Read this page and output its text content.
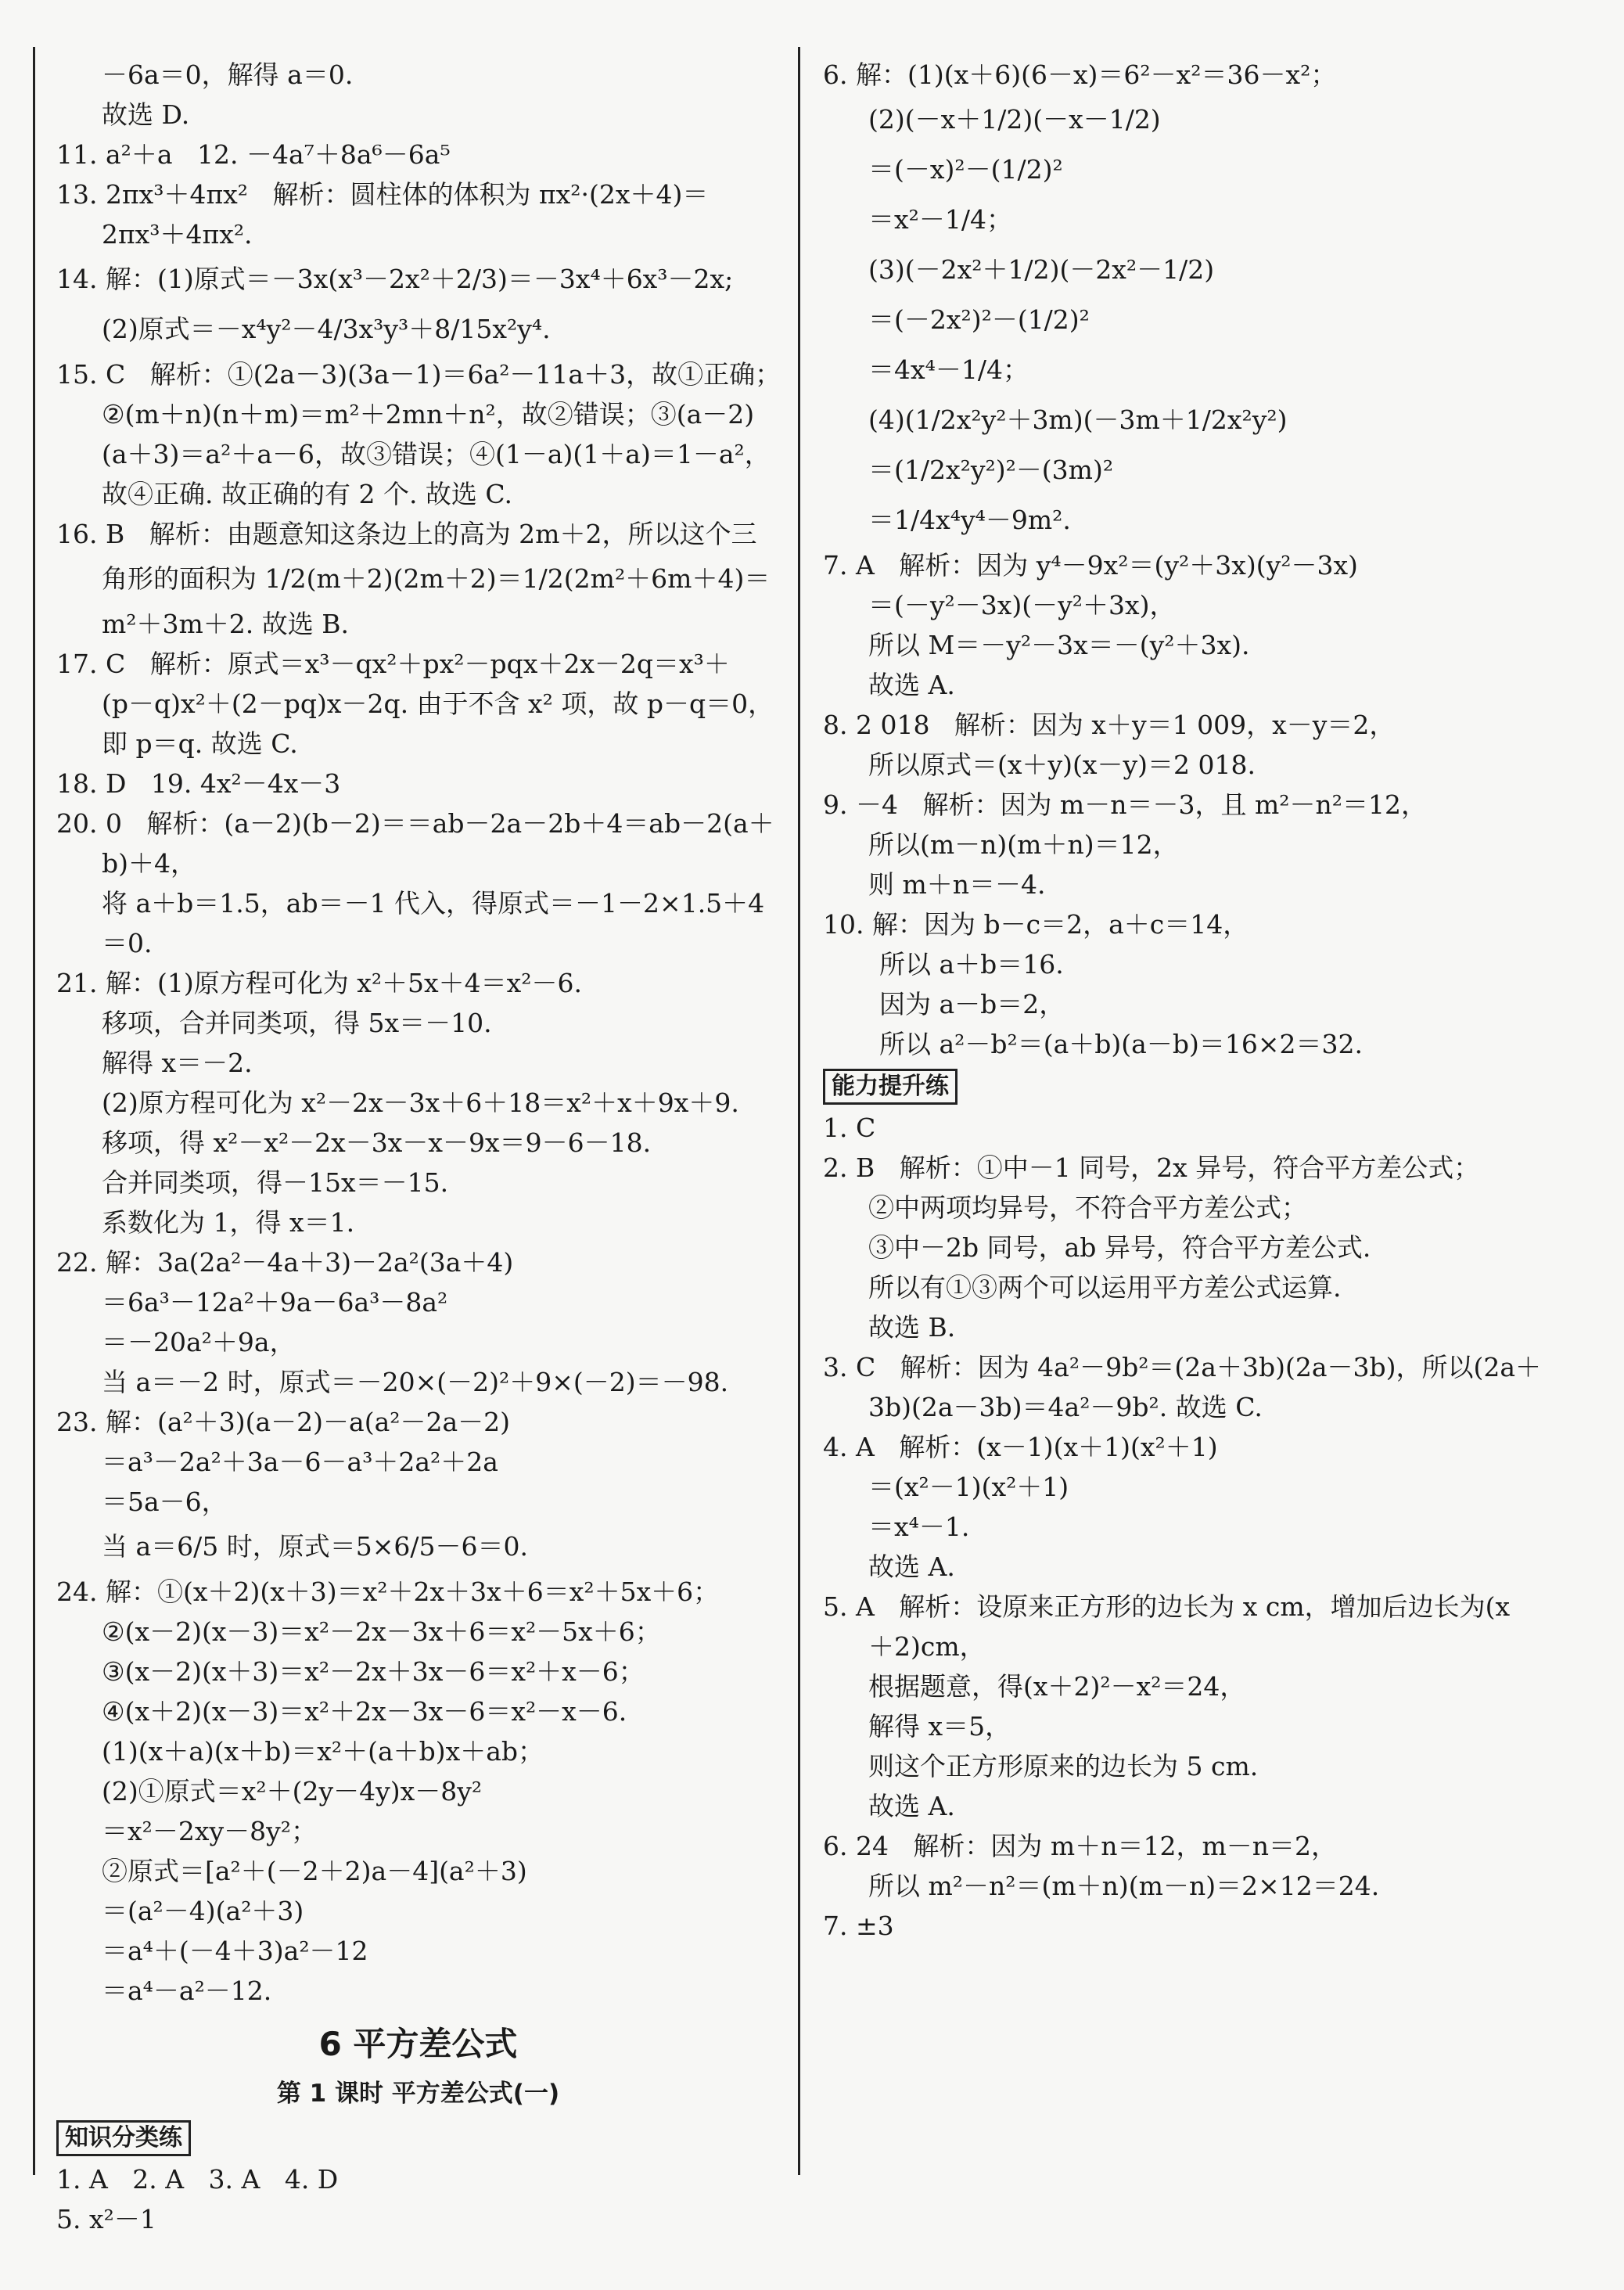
－6a＝0，解得 a＝0.
故选 D.
11. a²＋a   12. －4a⁷＋8a⁶－6a⁵
13. 2πx³＋4πx²   解析：圆柱体的体积为 πx²·(2x＋4)＝
2πx³＋4πx².
14. 解：(1)原式＝－3x(x³－2x²＋2/3)＝－3x⁴＋6x³－2x;
(2)原式＝－x⁴y²－4/3x³y³＋8/15x²y⁴.
15. C   解析：①(2a－3)(3a－1)＝6a²－11a＋3，故①正确；
②(m＋n)(n＋m)＝m²＋2mn＋n²，故②错误；③(a－2)
(a＋3)＝a²＋a－6，故③错误；④(1－a)(1＋a)＝1－a²，
故④正确. 故正确的有 2 个. 故选 C.
16. B   解析：由题意知这条边上的高为 2m＋2，所以这个三
角形的面积为 1/2(m＋2)(2m＋2)＝1/2(2m²＋6m＋4)＝
m²＋3m＋2. 故选 B.
17. C   解析：原式＝x³－qx²＋px²－pqx＋2x－2q＝x³＋
(p－q)x²＋(2－pq)x－2q. 由于不含 x² 项，故 p－q＝0，
即 p＝q. 故选 C.
18. D   19. 4x²－4x－3
20. 0   解析：(a－2)(b－2)＝＝ab－2a－2b＋4＝ab－2(a＋
b)＋4，
将 a＋b＝1.5，ab＝－1 代入，得原式＝－1－2×1.5＋4
＝0.
21. 解：(1)原方程可化为 x²＋5x＋4＝x²－6.
移项，合并同类项，得 5x＝－10.
解得 x＝－2.
(2)原方程可化为 x²－2x－3x＋6＋18＝x²＋x＋9x＋9.
移项，得 x²－x²－2x－3x－x－9x＝9－6－18.
合并同类项，得－15x＝－15.
系数化为 1，得 x＝1.
22. 解：3a(2a²－4a＋3)－2a²(3a＋4)
＝6a³－12a²＋9a－6a³－8a²
＝－20a²＋9a，
当 a＝－2 时，原式＝－20×(－2)²＋9×(－2)＝－98.
23. 解：(a²＋3)(a－2)－a(a²－2a－2)
＝a³－2a²＋3a－6－a³＋2a²＋2a
＝5a－6，
当 a＝6/5 时，原式＝5×6/5－6＝0.
24. 解：①(x＋2)(x＋3)＝x²＋2x＋3x＋6＝x²＋5x＋6；
②(x－2)(x－3)＝x²－2x－3x＋6＝x²－5x＋6；
③(x－2)(x＋3)＝x²－2x＋3x－6＝x²＋x－6；
④(x＋2)(x－3)＝x²＋2x－3x－6＝x²－x－6.
(1)(x＋a)(x＋b)＝x²＋(a＋b)x＋ab；
(2)①原式＝x²＋(2y－4y)x－8y²
＝x²－2xy－8y²；
②原式＝[a²＋(－2＋2)a－4](a²＋3)
＝(a²－4)(a²＋3)
＝a⁴＋(－4＋3)a²－12
＝a⁴－a²－12.
6 平方差公式
第 1 课时 平方差公式(一)
知识分类练
1. A   2. A   3. A   4. D
5. x²－1
6. 解：(1)(x＋6)(6－x)＝6²－x²＝36－x²；
(2)(－x＋1/2)(－x－1/2)
＝(－x)²－(1/2)²
＝x²－1/4；
(3)(－2x²＋1/2)(－2x²－1/2)
＝(－2x²)²－(1/2)²
＝4x⁴－1/4；
(4)(1/2x²y²＋3m)(－3m＋1/2x²y²)
＝(1/2x²y²)²－(3m)²
＝1/4x⁴y⁴－9m².
7. A   解析：因为 y⁴－9x²＝(y²＋3x)(y²－3x)
＝(－y²－3x)(－y²＋3x)，
所以 M＝－y²－3x＝－(y²＋3x).
故选 A.
8. 2 018   解析：因为 x＋y＝1 009，x－y＝2，
所以原式＝(x＋y)(x－y)＝2 018.
9. －4   解析：因为 m－n＝－3，且 m²－n²＝12，
所以(m－n)(m＋n)＝12，
则 m＋n＝－4.
10. 解：因为 b－c＝2，a＋c＝14，
所以 a＋b＝16.
因为 a－b＝2，
所以 a²－b²＝(a＋b)(a－b)＝16×2＝32.
能力提升练
1. C
2. B   解析：①中－1 同号，2x 异号，符合平方差公式；
②中两项均异号，不符合平方差公式；
③中－2b 同号，ab 异号，符合平方差公式.
所以有①③两个可以运用平方差公式运算.
故选 B.
3. C   解析：因为 4a²－9b²＝(2a＋3b)(2a－3b)，所以(2a＋
3b)(2a－3b)＝4a²－9b². 故选 C.
4. A   解析：(x－1)(x＋1)(x²＋1)
＝(x²－1)(x²＋1)
＝x⁴－1.
故选 A.
5. A   解析：设原来正方形的边长为 x cm，增加后边长为(x
＋2)cm，
根据题意，得(x＋2)²－x²＝24，
解得 x＝5，
则这个正方形原来的边长为 5 cm.
故选 A.
6. 24   解析：因为 m＋n＝12，m－n＝2，
所以 m²－n²＝(m＋n)(m－n)＝2×12＝24.
7. ±3
